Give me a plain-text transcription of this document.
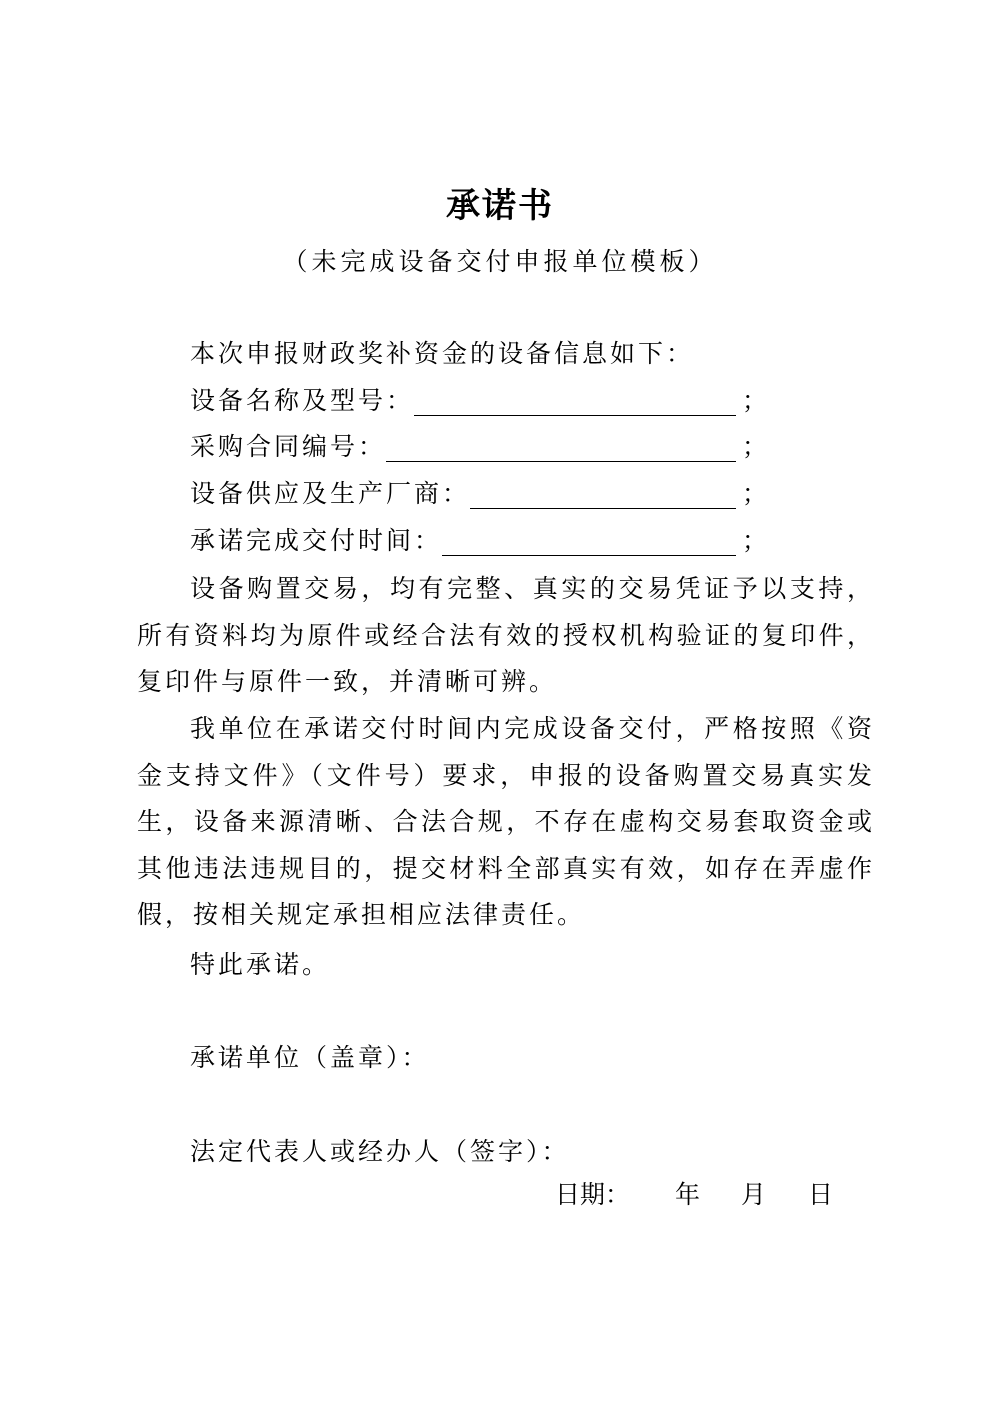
承诺书
（未完成设备交付申报单位模板）
本次申报财政奖补资金的设备信息如下：
设备名称及型号：	；
采购合同编号：	；
设备供应及生产厂商：	；
承诺完成交付时间：	；
设备购置交易，均有完整、真实的交易凭证予以支持，所有资料均为原件或经合法有效的授权机构验证的复印件，复印件与原件一致，并清晰可辨。
我单位在承诺交付时间内完成设备交付，严格按照《资金支持文件》（文件号）要求，申报的设备购置交易真实发生，设备来源清晰、合法合规，不存在虚构交易套取资金或其他违法违规目的，提交材料全部真实有效，如存在弄虚作假，按相关规定承担相应法律责任。
特此承诺。
承诺单位（盖章）：
法定代表人或经办人（签字）：
日期： 年 月 日
